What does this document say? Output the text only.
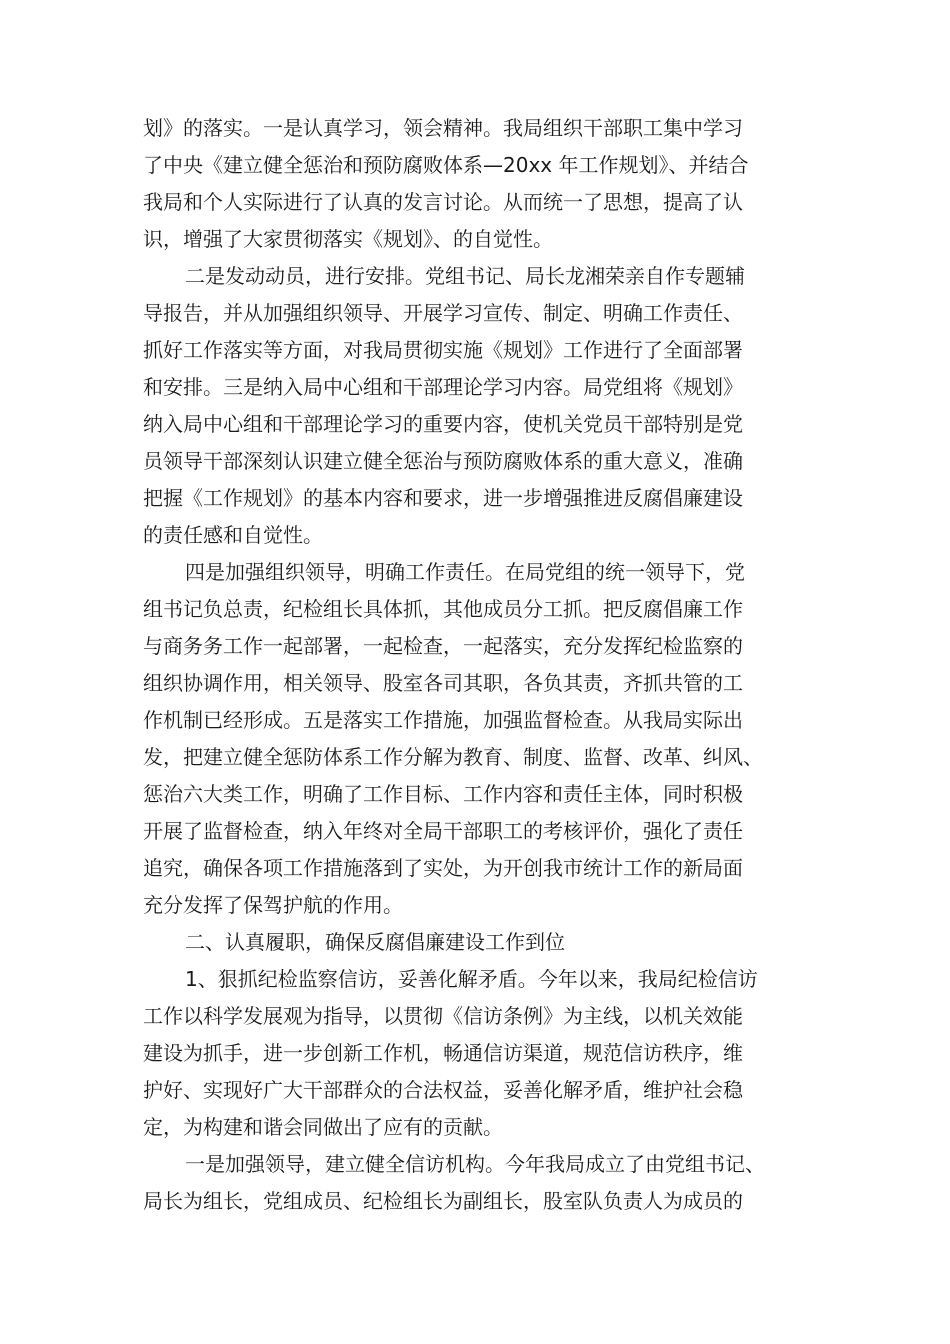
划》的落实。一是认真学习，领会精神。我局组织干部职工集中学习
了中央《建立健全惩治和预防腐败体系—20xx 年工作规划》、并结合
我局和个人实际进行了认真的发言讨论。从而统一了思想，提高了认
识，增强了大家贯彻落实《规划》、的自觉性。
二是发动动员，进行安排。党组书记、局长龙湘荣亲自作专题辅
导报告，并从加强组织领导、开展学习宣传、制定、明确工作责任、
抓好工作落实等方面，对我局贯彻实施《规划》工作进行了全面部署
和安排。三是纳入局中心组和干部理论学习内容。局党组将《规划》
纳入局中心组和干部理论学习的重要内容，使机关党员干部特别是党
员领导干部深刻认识建立健全惩治与预防腐败体系的重大意义，准确
把握《工作规划》的基本内容和要求，进一步增强推进反腐倡廉建设
的责任感和自觉性。
四是加强组织领导，明确工作责任。在局党组的统一领导下，党
组书记负总责，纪检组长具体抓，其他成员分工抓。把反腐倡廉工作
与商务务工作一起部署，一起检查，一起落实，充分发挥纪检监察的
组织协调作用，相关领导、股室各司其职，各负其责，齐抓共管的工
作机制已经形成。五是落实工作措施，加强监督检查。从我局实际出
发，把建立健全惩防体系工作分解为教育、制度、监督、改革、纠风、
惩治六大类工作，明确了工作目标、工作内容和责任主体，同时积极
开展了监督检查，纳入年终对全局干部职工的考核评价，强化了责任
追究，确保各项工作措施落到了实处，为开创我市统计工作的新局面
充分发挥了保驾护航的作用。
二、认真履职，确保反腐倡廉建设工作到位
1、狠抓纪检监察信访，妥善化解矛盾。今年以来，我局纪检信访
工作以科学发展观为指导，以贯彻《信访条例》为主线，以机关效能
建设为抓手，进一步创新工作机，畅通信访渠道，规范信访秩序，维
护好、实现好广大干部群众的合法权益，妥善化解矛盾，维护社会稳
定，为构建和谐会同做出了应有的贡献。
一是加强领导，建立健全信访机构。今年我局成立了由党组书记、
局长为组长，党组成员、纪检组长为副组长，股室队负责人为成员的
